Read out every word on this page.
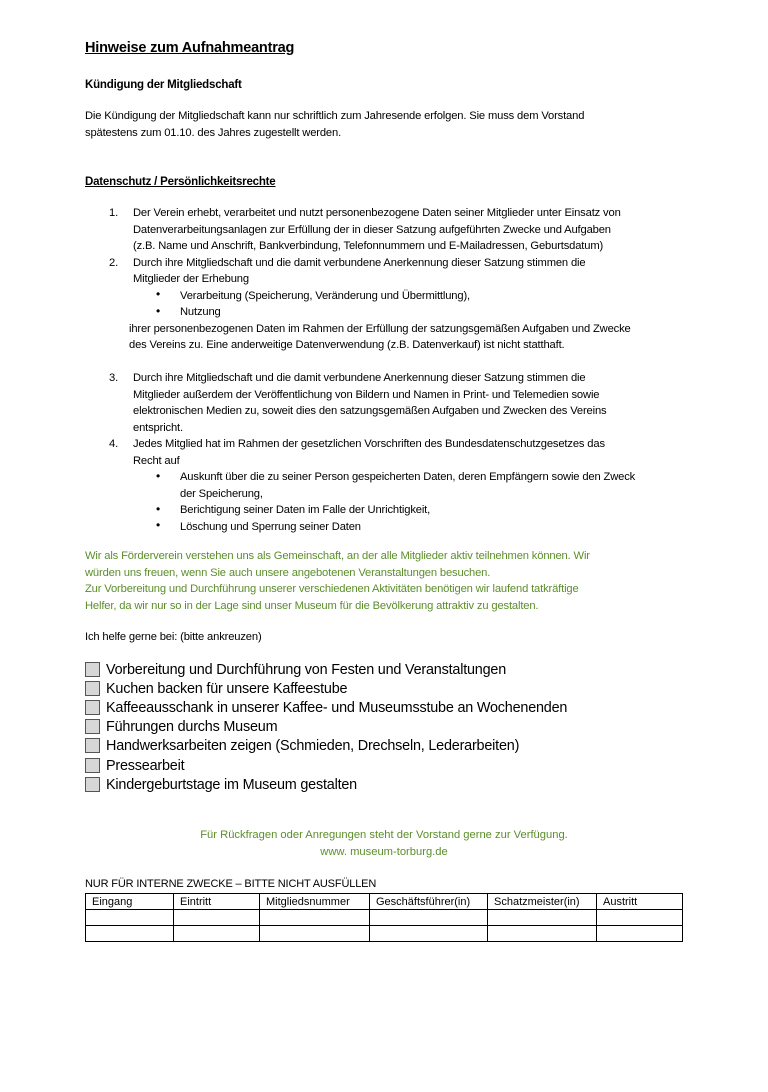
Hinweise zum Aufnahmeantrag
Kündigung der Mitgliedschaft
Die Kündigung der Mitgliedschaft kann nur schriftlich zum Jahresende erfolgen. Sie muss dem Vorstand
spätestens zum 01.10. des Jahres zugestellt werden.
Datenschutz / Persönlichkeitsrechte
1. Der Verein erhebt, verarbeitet und nutzt personenbezogene Daten seiner Mitglieder unter Einsatz von
Datenverarbeitungsanlagen zur Erfüllung der in dieser Satzung aufgeführten Zwecke und Aufgaben
(z.B. Name und Anschrift, Bankverbindung, Telefonnummern und E-Mailadressen, Geburtsdatum)
2. Durch ihre Mitgliedschaft und die damit verbundene Anerkennung dieser Satzung stimmen die
Mitglieder der Erhebung
• Verarbeitung (Speicherung, Veränderung und Übermittlung),
• Nutzung
ihrer personenbezogenen Daten im Rahmen der Erfüllung der satzungsgemäßen Aufgaben und Zwecke
des Vereins zu. Eine anderweitige Datenverwendung (z.B. Datenverkauf) ist nicht statthaft.
3. Durch ihre Mitgliedschaft und die damit verbundene Anerkennung dieser Satzung stimmen die
Mitglieder außerdem der Veröffentlichung von Bildern und Namen in Print- und Telemedien sowie
elektronischen Medien zu, soweit dies den satzungsgemäßen Aufgaben und Zwecken des Vereins
entspricht.
4. Jedes Mitglied hat im Rahmen der gesetzlichen Vorschriften des Bundesdatenschutzgesetzes das
Recht auf
• Auskunft über die zu seiner Person gespeicherten Daten, deren Empfängern sowie den Zweck
der Speicherung,
• Berichtigung seiner Daten im Falle der Unrichtigkeit,
• Löschung und Sperrung seiner Daten
Wir als Förderverein verstehen uns als Gemeinschaft, an der alle Mitglieder aktiv teilnehmen können. Wir
würden uns freuen, wenn Sie auch unsere angebotenen Veranstaltungen besuchen.
Zur Vorbereitung und Durchführung unserer verschiedenen Aktivitäten benötigen wir laufend tatkräftige
Helfer, da wir nur so in der Lage sind unser Museum für die Bevölkerung attraktiv zu gestalten.
Ich helfe gerne bei: (bitte ankreuzen)
Vorbereitung und Durchführung von Festen und Veranstaltungen
Kuchen backen für unsere Kaffeestube
Kaffeeausschank in unserer Kaffee- und Museumsstube an Wochenenden
Führungen durchs Museum
Handwerksarbeiten zeigen (Schmieden, Drechseln, Lederarbeiten)
Pressearbeit
Kindergeburtstage im Museum gestalten
Für Rückfragen oder Anregungen steht der Vorstand gerne zur Verfügung.
www. museum-torburg.de
NUR FÜR INTERNE ZWECKE – BITTE NICHT AUSFÜLLEN
Eingang	Eintritt	Mitgliedsnummer	Geschäftsführer(in)	Schatzmeister(in)	Austritt
